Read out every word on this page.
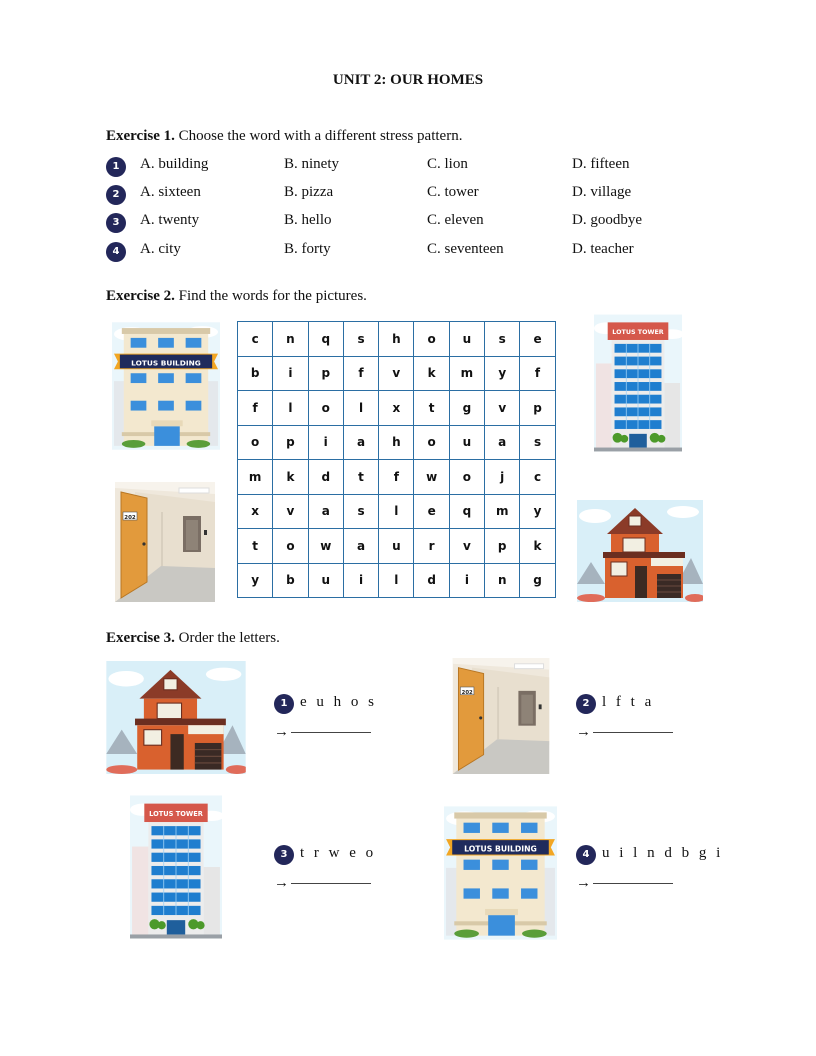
UNIT 2: OUR HOMES
Exercise 1. Choose the word with a different stress pattern.
1	A. building	B. ninety	C. lion	D. fifteen
2	A. sixteen	B. pizza	C. tower	D. village
3	A. twenty	B. hello	C. eleven	D. goodbye
4	A. city	B. forty	C. seventeen	D. teacher
Exercise 2. Find the words for the pictures.
LOTUS BUILDING
202
c	n	q	s	h	o	u	s	e
b	i	p	f	v	k	m	y	f
f	l	o	l	x	t	g	v	p
o	p	i	a	h	o	u	a	s
m	k	d	t	f	w	o	j	c
x	v	a	s	l	e	q	m	y
t	o	w	a	u	r	v	p	k
y	b	u	i	l	d	i	n	g
LOTUS TOWER
Exercise 3. Order the letters.
1 e u h o s
→
202
2 l f t a
→
LOTUS TOWER
3 t r w e o
→
LOTUS BUILDING
4 u i l n d b g i
→
